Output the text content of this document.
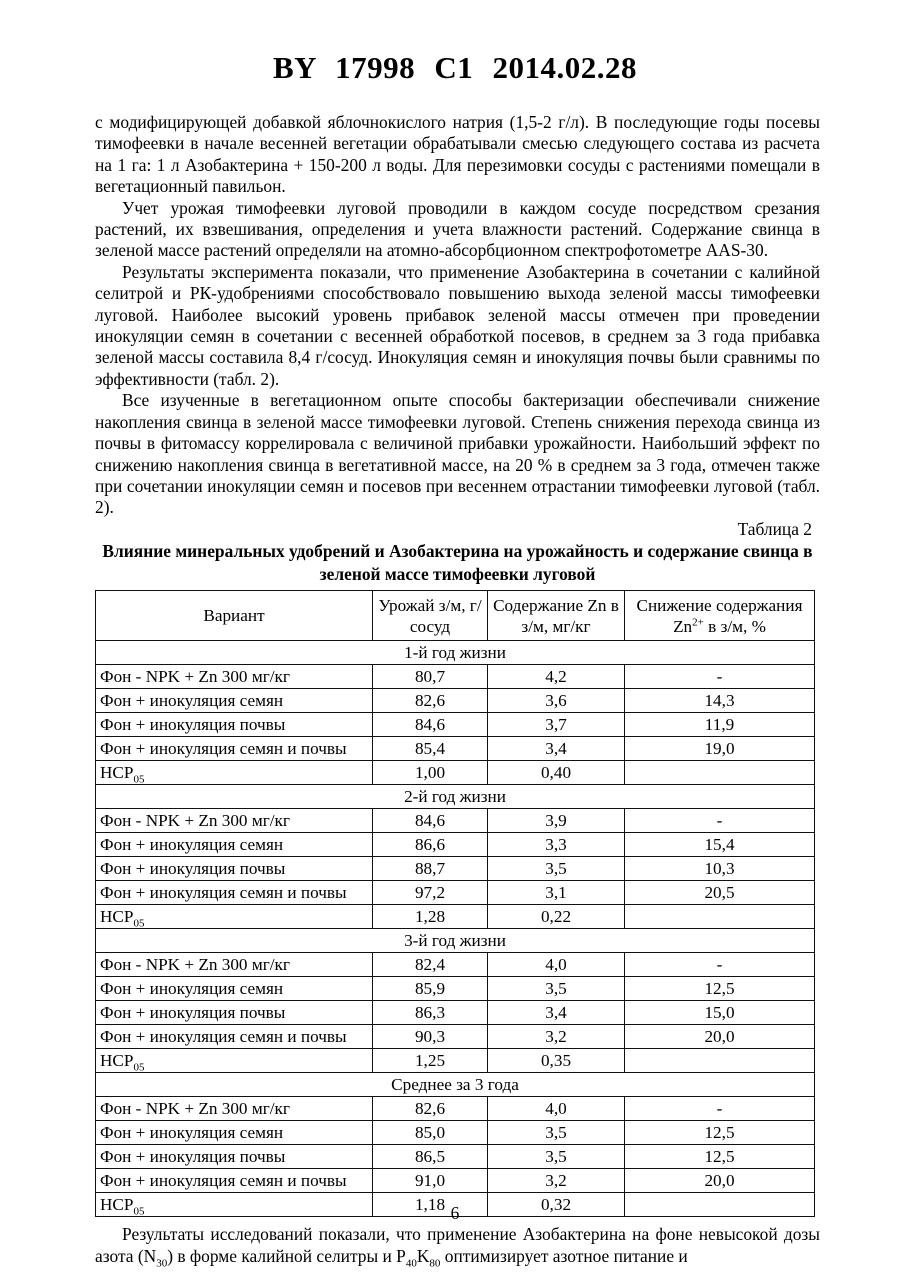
BY 17998 C1 2014.02.28

с модифицирующей добавкой яблочнокислого натрия (1,5-2 г/л). В последующие годы посевы тимофеевки в начале весенней вегетации обрабатывали смесью следующего состава из расчета на 1 га: 1 л Азобактерина + 150-200 л воды. Для перезимовки сосуды с растениями помещали в вегетационный павильон.

Учет урожая тимофеевки луговой проводили в каждом сосуде посредством срезания растений, их взвешивания, определения и учета влажности растений. Содержание свинца в зеленой массе растений определяли на атомно-абсорбционном спектрофотометре AAS-30.

Результаты эксперимента показали, что применение Азобактерина в сочетании с калийной селитрой и РК-удобрениями способствовало повышению выхода зеленой массы тимофеевки луговой. Наиболее высокий уровень прибавок зеленой массы отмечен при проведении инокуляции семян в сочетании с весенней обработкой посевов, в среднем за 3 года прибавка зеленой массы составила 8,4 г/сосуд. Инокуляция семян и инокуляция почвы были сравнимы по эффективности (табл. 2).

Все изученные в вегетационном опыте способы бактеризации обеспечивали снижение накопления свинца в зеленой массе тимофеевки луговой. Степень снижения перехода свинца из почвы в фитомассу коррелировала с величиной прибавки урожайности. Наибольший эффект по снижению накопления свинца в вегетативной массе, на 20 % в среднем за 3 года, отмечен также при сочетании инокуляции семян и посевов при весеннем отрастании тимофеевки луговой (табл. 2).

Таблица 2
Влияние минеральных удобрений и Азобактерина на урожайность и содержание свинца в зеленой массе тимофеевки луговой
Вариант	Урожай з/м, г/сосуд	Содержание Zn в з/м, мг/кг	Снижение содержания $Zn^{2+}$ в з/м, %
1-й год жизни			
Фон - NPK + Zn 300 мг/кг	80,7	4,2	-
Фон + инокуляция семян	82,6	3,6	14,3
Фон + инокуляция почвы	84,6	3,7	11,9
Фон + инокуляция семян и почвы	85,4	3,4	19,0
$НСР_{05}$	1,00	0,40	
2-й год жизни			
Фон - NPK + Zn 300 мг/кг	84,6	3,9	-
Фон + инокуляция семян	86,6	3,3	15,4
Фон + инокуляция почвы	88,7	3,5	10,3
Фон + инокуляция семян и почвы	97,2	3,1	20,5
$НСР_{05}$	1,28	0,22	
3-й год жизни			
Фон - NPK + Zn 300 мг/кг	82,4	4,0	-
Фон + инокуляция семян	85,9	3,5	12,5
Фон + инокуляция почвы	86,3	3,4	15,0
Фон + инокуляция семян и почвы	90,3	3,2	20,0
$НСР_{05}$	1,25	0,35	
Среднее за 3 года			
Фон - NPK + Zn 300 мг/кг	82,6	4,0	-
Фон + инокуляция семян	85,0	3,5	12,5
Фон + инокуляция почвы	86,5	3,5	12,5
Фон + инокуляция семян и почвы	91,0	3,2	20,0
$НСР_{05}$	1,18	0,32	

Результаты исследований показали, что применение Азобактерина на фоне невысокой дозы азота $(N_{30})$ в форме калийной селитры и $P_{40}K_{80}$ оптимизирует азотное питание и

6
